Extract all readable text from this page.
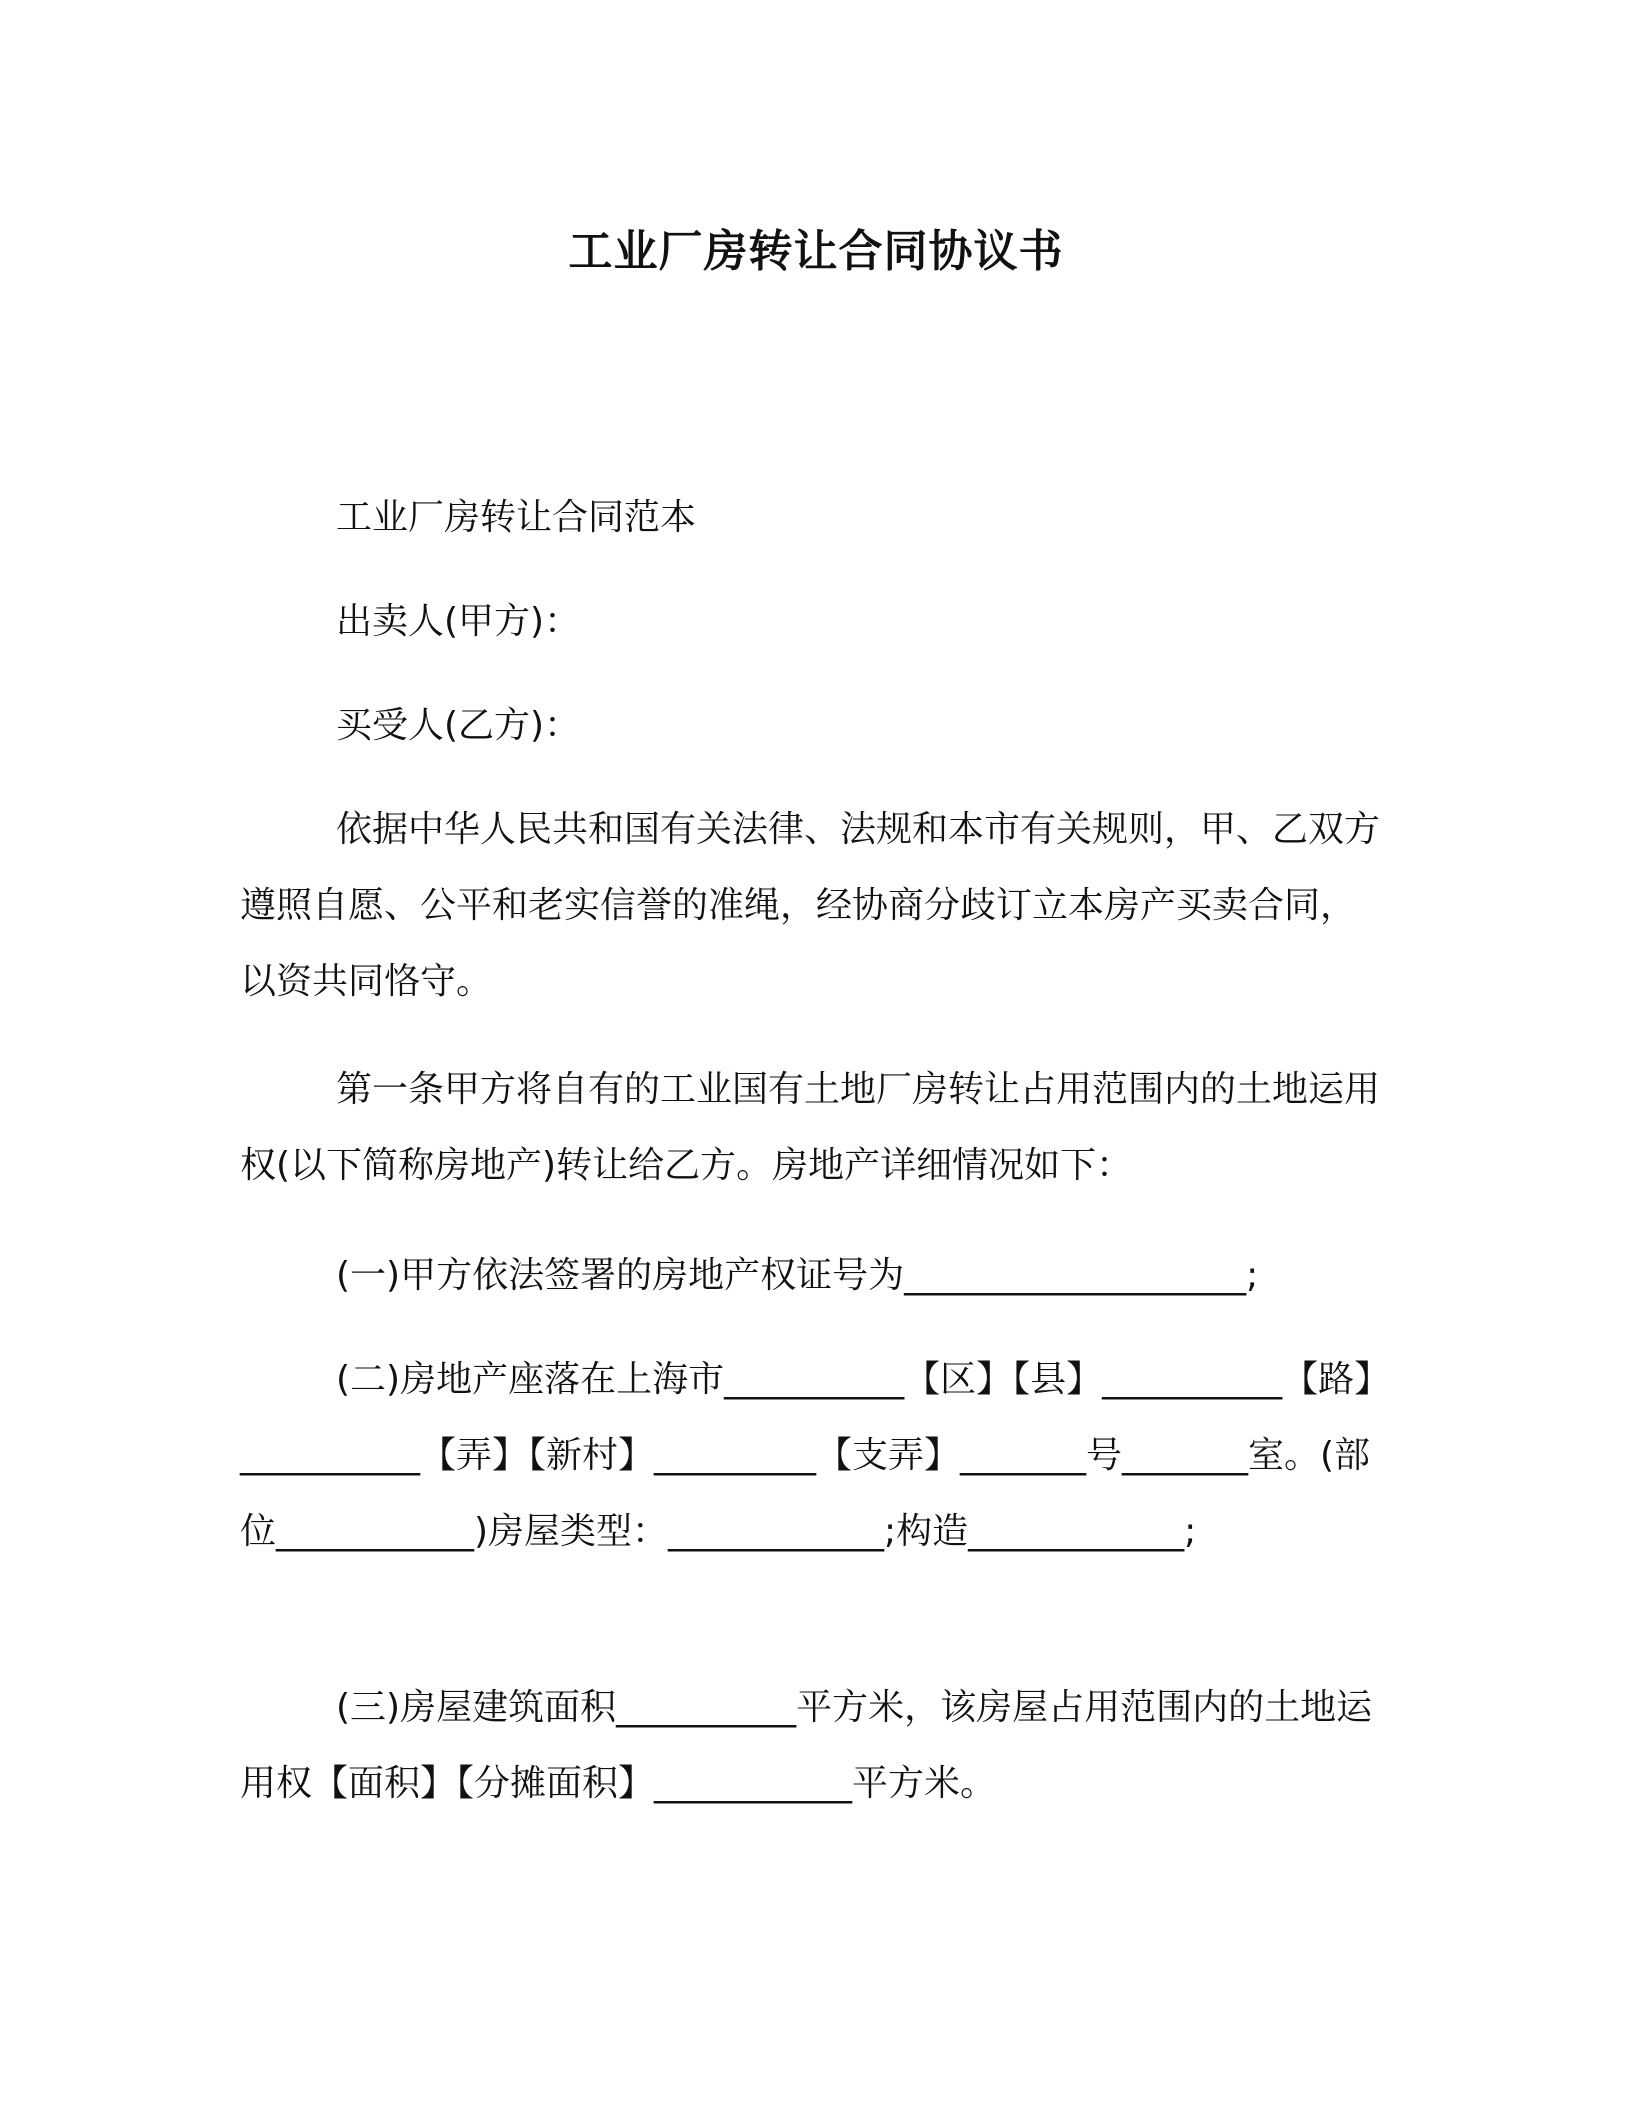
工业厂房转让合同协议书
工业厂房转让合同范本
出卖人(甲方)：
买受人(乙方)：

依据中华人民共和国有关法律、法规和本市有关规则，甲、乙双方遵照自愿、公平和老实信誉的准绳，经协商分歧订立本房产买卖合同，以资共同恪守。

第一条甲方将自有的工业国有土地厂房转让占用范围内的土地运用权(以下简称房地产)转让给乙方。房地产详细情况如下：

(一)甲方依法签署的房地产权证号为___________________;

(二)房地产座落在上海市__________【区】【县】__________【路】__________【弄】【新村】_________【支弄】_______号_______室。(部位___________)房屋类型：____________;构造____________;

(三)房屋建筑面积__________平方米，该房屋占用范围内的土地运用权【面积】【分摊面积】___________平方米。
